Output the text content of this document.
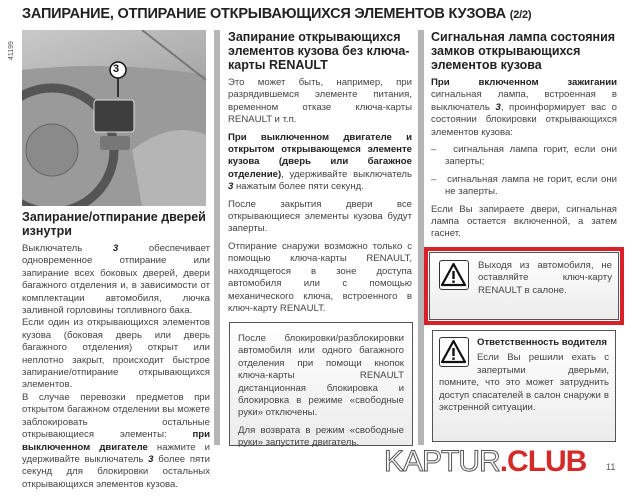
ЗАПИРАНИЕ, ОТПИРАНИЕ ОТКРЫВАЮЩИХСЯ ЭЛЕМЕНТОВ КУЗОВА (2/2)
3
41199
Запирание/отпирание дверей изнутри

Выключатель 3 обеспечивает одновременное отпирание или запирание всех боковых дверей, двери багажного отделения и, в зависимости от комплектации автомобиля, лючка заливной горловины топливного бака.

Если один из открывающихся элементов кузова (боковая дверь или дверь багажного отделения) открыт или неплотно закрыт, происходит быстрое запирание/отпирание открывающихся элементов.

В случае перевозки предметов при открытом багажном отделении вы можете заблокировать остальные открывающиеся элементы: при выключенном двигателе нажмите и удерживайте выключатель 3 более пяти секунд для блокировки остальных открывающихся элементов кузова.

Запирание открывающихся элементов кузова без ключа-карты RENAULT

Это может быть, например, при разрядившемся элементе питания, временном отказе ключа-карты RENAULT и т.п.

При выключенном двигателе и открытом открывающемся элементе кузова (дверь или багажное отделение), удерживайте выключатель 3 нажатым более пяти секунд.

После закрытия двери все открывающиеся элементы кузова будут заперты.

Отпирание снаружи возможно только с помощью ключа-карты RENAULT, находящегося в зоне доступа автомобиля или с помощью механического ключа, встроенного в ключ-карту RENAULT.

После блокировки/разблокировки автомобиля или одного багажного отделения при помощи кнопок ключа-карты RENAULT дистанционная блокировка и блокировка в режиме «свободные руки» отключены.

Для возврата в режим «свободные руки» запустите двигатель.

Сигнальная лампа состояния замков открывающихся элементов кузова

При включенном зажигании сигнальная лампа, встроенная в выключатель 3, проинформирует вас о состоянии блокировки открывающихся элементов кузова:

–   сигнальная лампа горит, если они заперты;

–   сигнальная лампа не горит, если они не заперты.

Если Вы запираете двери, сигнальная лампа остается включенной, а затем гаснет.

Выходя из автомобиля, не оставляйте ключ-карту RENAULT в салоне.

Ответственность водителя

Если Вы решили ехать с запертыми дверьми, помните, что это может затруднить доступ спасателей в салон снаружи в экстренной ситуации.

KAPTUR.CLUB 11
